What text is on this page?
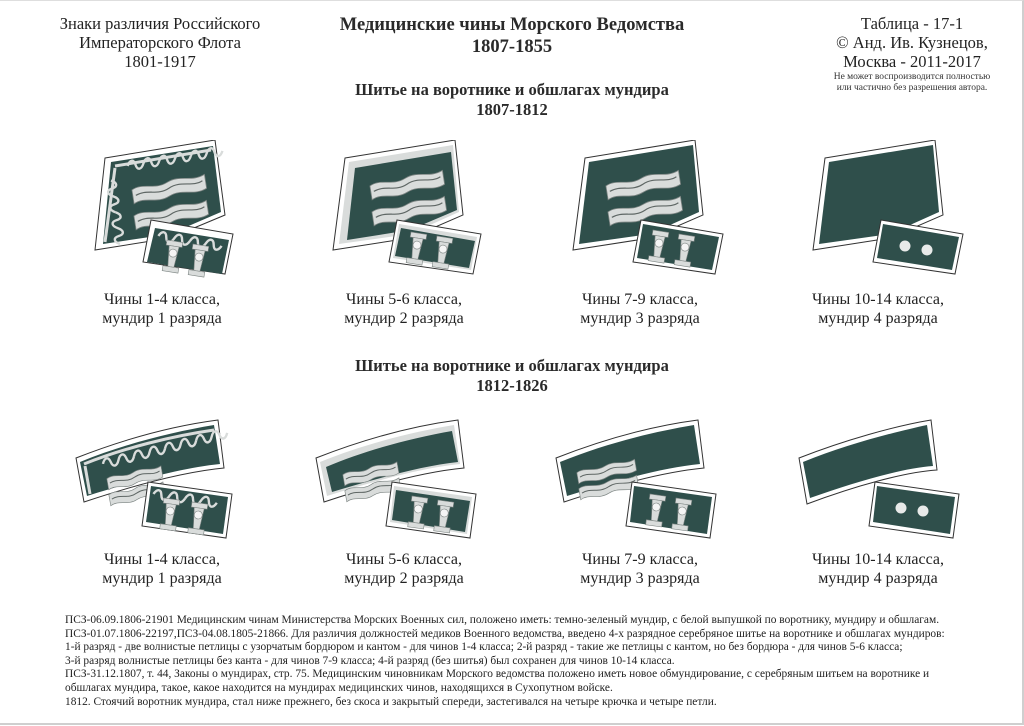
Знаки различия Российского
Императорского Флота
1801-1917
Медицинские чины Морского Ведомства
1807-1855
Таблица - 17-1
© Анд. Ив. Кузнецов,
Москва - 2011-2017
Не может воспроизводится полностью
или частично без разрешения автора.
Шитье на воротнике и обшлагах мундира
1807-1812
Чины 1-4 класса,
мундир 1 разряда
Чины 5-6 класса,
мундир 2 разряда
Чины 7-9 класса,
мундир 3 разряда
Чины 10-14 класса,
мундир 4 разряда
Шитье на воротнике и обшлагах мундира
1812-1826
Чины 1-4 класса,
мундир 1 разряда
Чины 5-6 класса,
мундир 2 разряда
Чины 7-9 класса,
мундир 3 разряда
Чины 10-14 класса,
мундир 4 разряда
ПСЗ-06.09.1806-21901 Медицинским чинам Министерства Морских Военных сил, положено иметь: темно-зеленый мундир, с белой выпушкой по воротнику, мундиру и обшлагам.
ПСЗ-01.07.1806-22197,ПСЗ-04.08.1805-21866. Для различия должностей медиков Военного ведомства, введено 4-х разрядное серебряное шитье на воротнике и обшлагах мундиров:
1-й разряд - две волнистые петлицы с узорчатым бордюром и кантом - для чинов 1-4 класса; 2-й разряд - такие же петлицы с кантом, но без бордюра - для чинов 5-6 класса;
3-й разряд волнистые петлицы без канта - для чинов 7-9 класса; 4-й разряд (без шитья) был сохранен для чинов 10-14 класса.
ПСЗ-31.12.1807, т. 44, Законы о мундирах, стр. 75. Медицинским чиновникам Морского ведомства положено иметь новое обмундирование, с серебряным шитьем на воротнике и
обшлагах мундира, такое, какое находится на мундирах медицинских чинов, находящихся в Сухопутном войске.
1812. Стоячий воротник мундира, стал ниже прежнего, без скоса и закрытый спереди, застегивался на четыре крючка и четыре петли.
